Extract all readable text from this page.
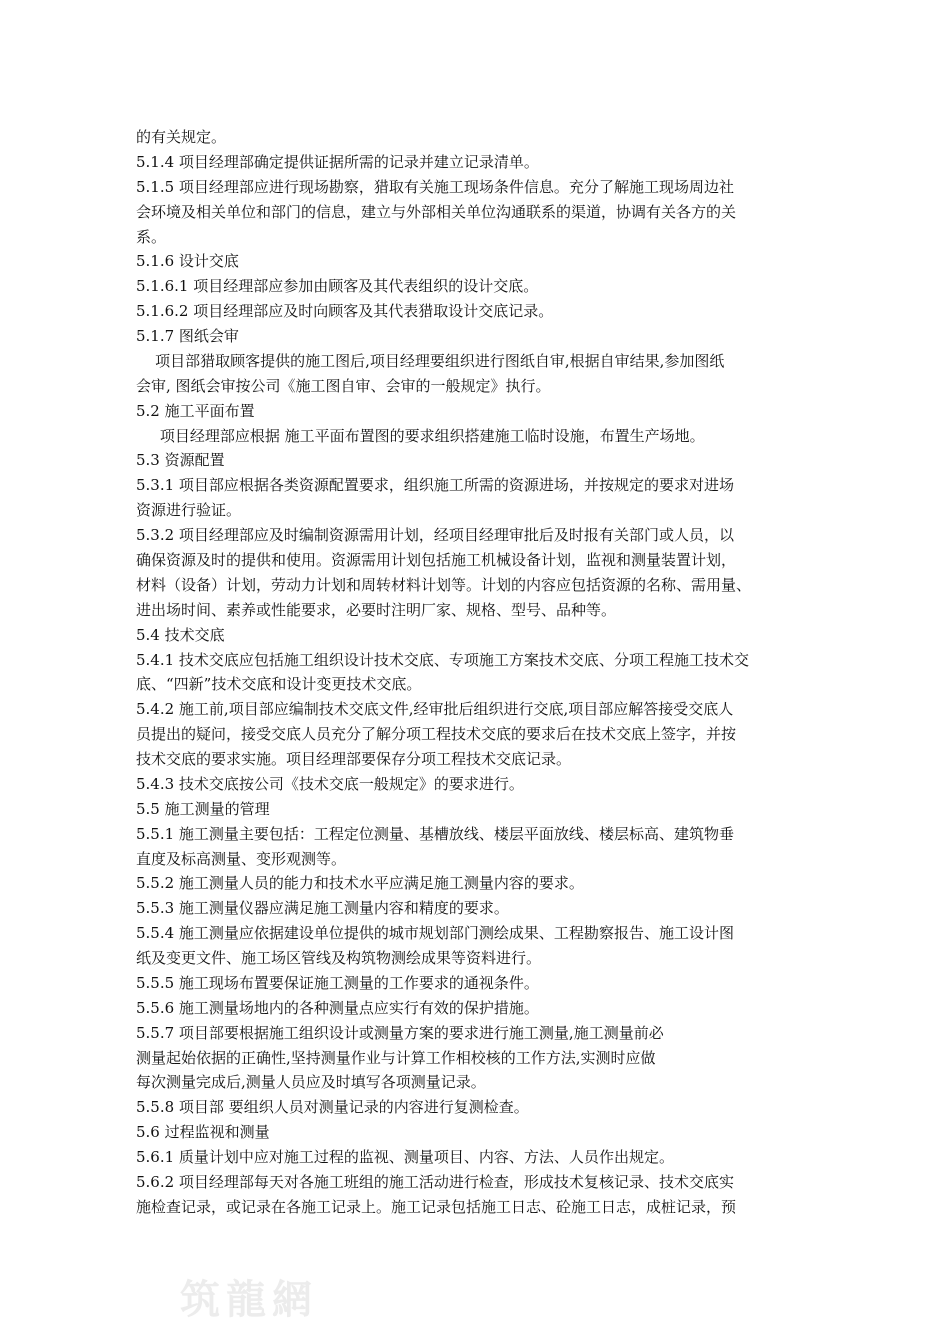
的有关规定。
5.1.4 项目经理部确定提供证据所需的记录并建立记录清单。
5.1.5 项目经理部应进行现场勘察，猎取有关施工现场条件信息。充分了解施工现场周边社
会环境及相关单位和部门的信息，建立与外部相关单位沟通联系的渠道，协调有关各方的关
系。
5.1.6 设计交底
5.1.6.1 项目经理部应参加由顾客及其代表组织的设计交底。
5.1.6.2 项目经理部应及时向顾客及其代表猎取设计交底记录。
5.1.7 图纸会审
项目部猎取顾客提供的施工图后,项目经理要组织进行图纸自审,根据自审结果,参加图纸
会审, 图纸会审按公司《施工图自审、会审的一般规定》执行。
5.2 施工平面布置
项目经理部应根据 施工平面布置图的要求组织搭建施工临时设施，布置生产场地。
5.3 资源配置
5.3.1 项目部应根据各类资源配置要求，组织施工所需的资源进场，并按规定的要求对进场
资源进行验证。
5.3.2 项目经理部应及时编制资源需用计划，经项目经理审批后及时报有关部门或人员，以
确保资源及时的提供和使用。资源需用计划包括施工机械设备计划，监视和测量装置计划，
材料（设备）计划，劳动力计划和周转材料计划等。计划的内容应包括资源的名称、需用量、
进出场时间、素养或性能要求，必要时注明厂家、规格、型号、品种等。
5.4 技术交底
5.4.1 技术交底应包括施工组织设计技术交底、专项施工方案技术交底、分项工程施工技术交
底、“四新”技术交底和设计变更技术交底。
5.4.2 施工前,项目部应编制技术交底文件,经审批后组织进行交底,项目部应解答接受交底人
员提出的疑问，接受交底人员充分了解分项工程技术交底的要求后在技术交底上签字，并按
技术交底的要求实施。项目经理部要保存分项工程技术交底记录。
5.4.3 技术交底按公司《技术交底一般规定》的要求进行。
5.5 施工测量的管理
5.5.1 施工测量主要包括：工程定位测量、基槽放线、楼层平面放线、楼层标高、建筑物垂
直度及标高测量、变形观测等。
5.5.2 施工测量人员的能力和技术水平应满足施工测量内容的要求。
5.5.3 施工测量仪器应满足施工测量内容和精度的要求。
5.5.4 施工测量应依据建设单位提供的城市规划部门测绘成果、工程勘察报告、施工设计图
纸及变更文件、施工场区管线及构筑物测绘成果等资料进行。
5.5.5 施工现场布置要保证施工测量的工作要求的通视条件。
5.5.6 施工测量场地内的各种测量点应实行有效的保护措施。
5.5.7 项目部要根据施工组织设计或测量方案的要求进行施工测量,施工测量前必
测量起始依据的正确性,坚持测量作业与计算工作相校核的工作方法,实测时应做
每次测量完成后,测量人员应及时填写各项测量记录。
5.5.8 项目部 要组织人员对测量记录的内容进行复测检查。
5.6 过程监视和测量
5.6.1 质量计划中应对施工过程的监视、测量项目、内容、方法、人员作出规定。
5.6.2 项目经理部每天对各施工班组的施工活动进行检查，形成技术复核记录、技术交底实
施检查记录，或记录在各施工记录上。施工记录包括施工日志、砼施工日志，成桩记录，预
筑龍網
